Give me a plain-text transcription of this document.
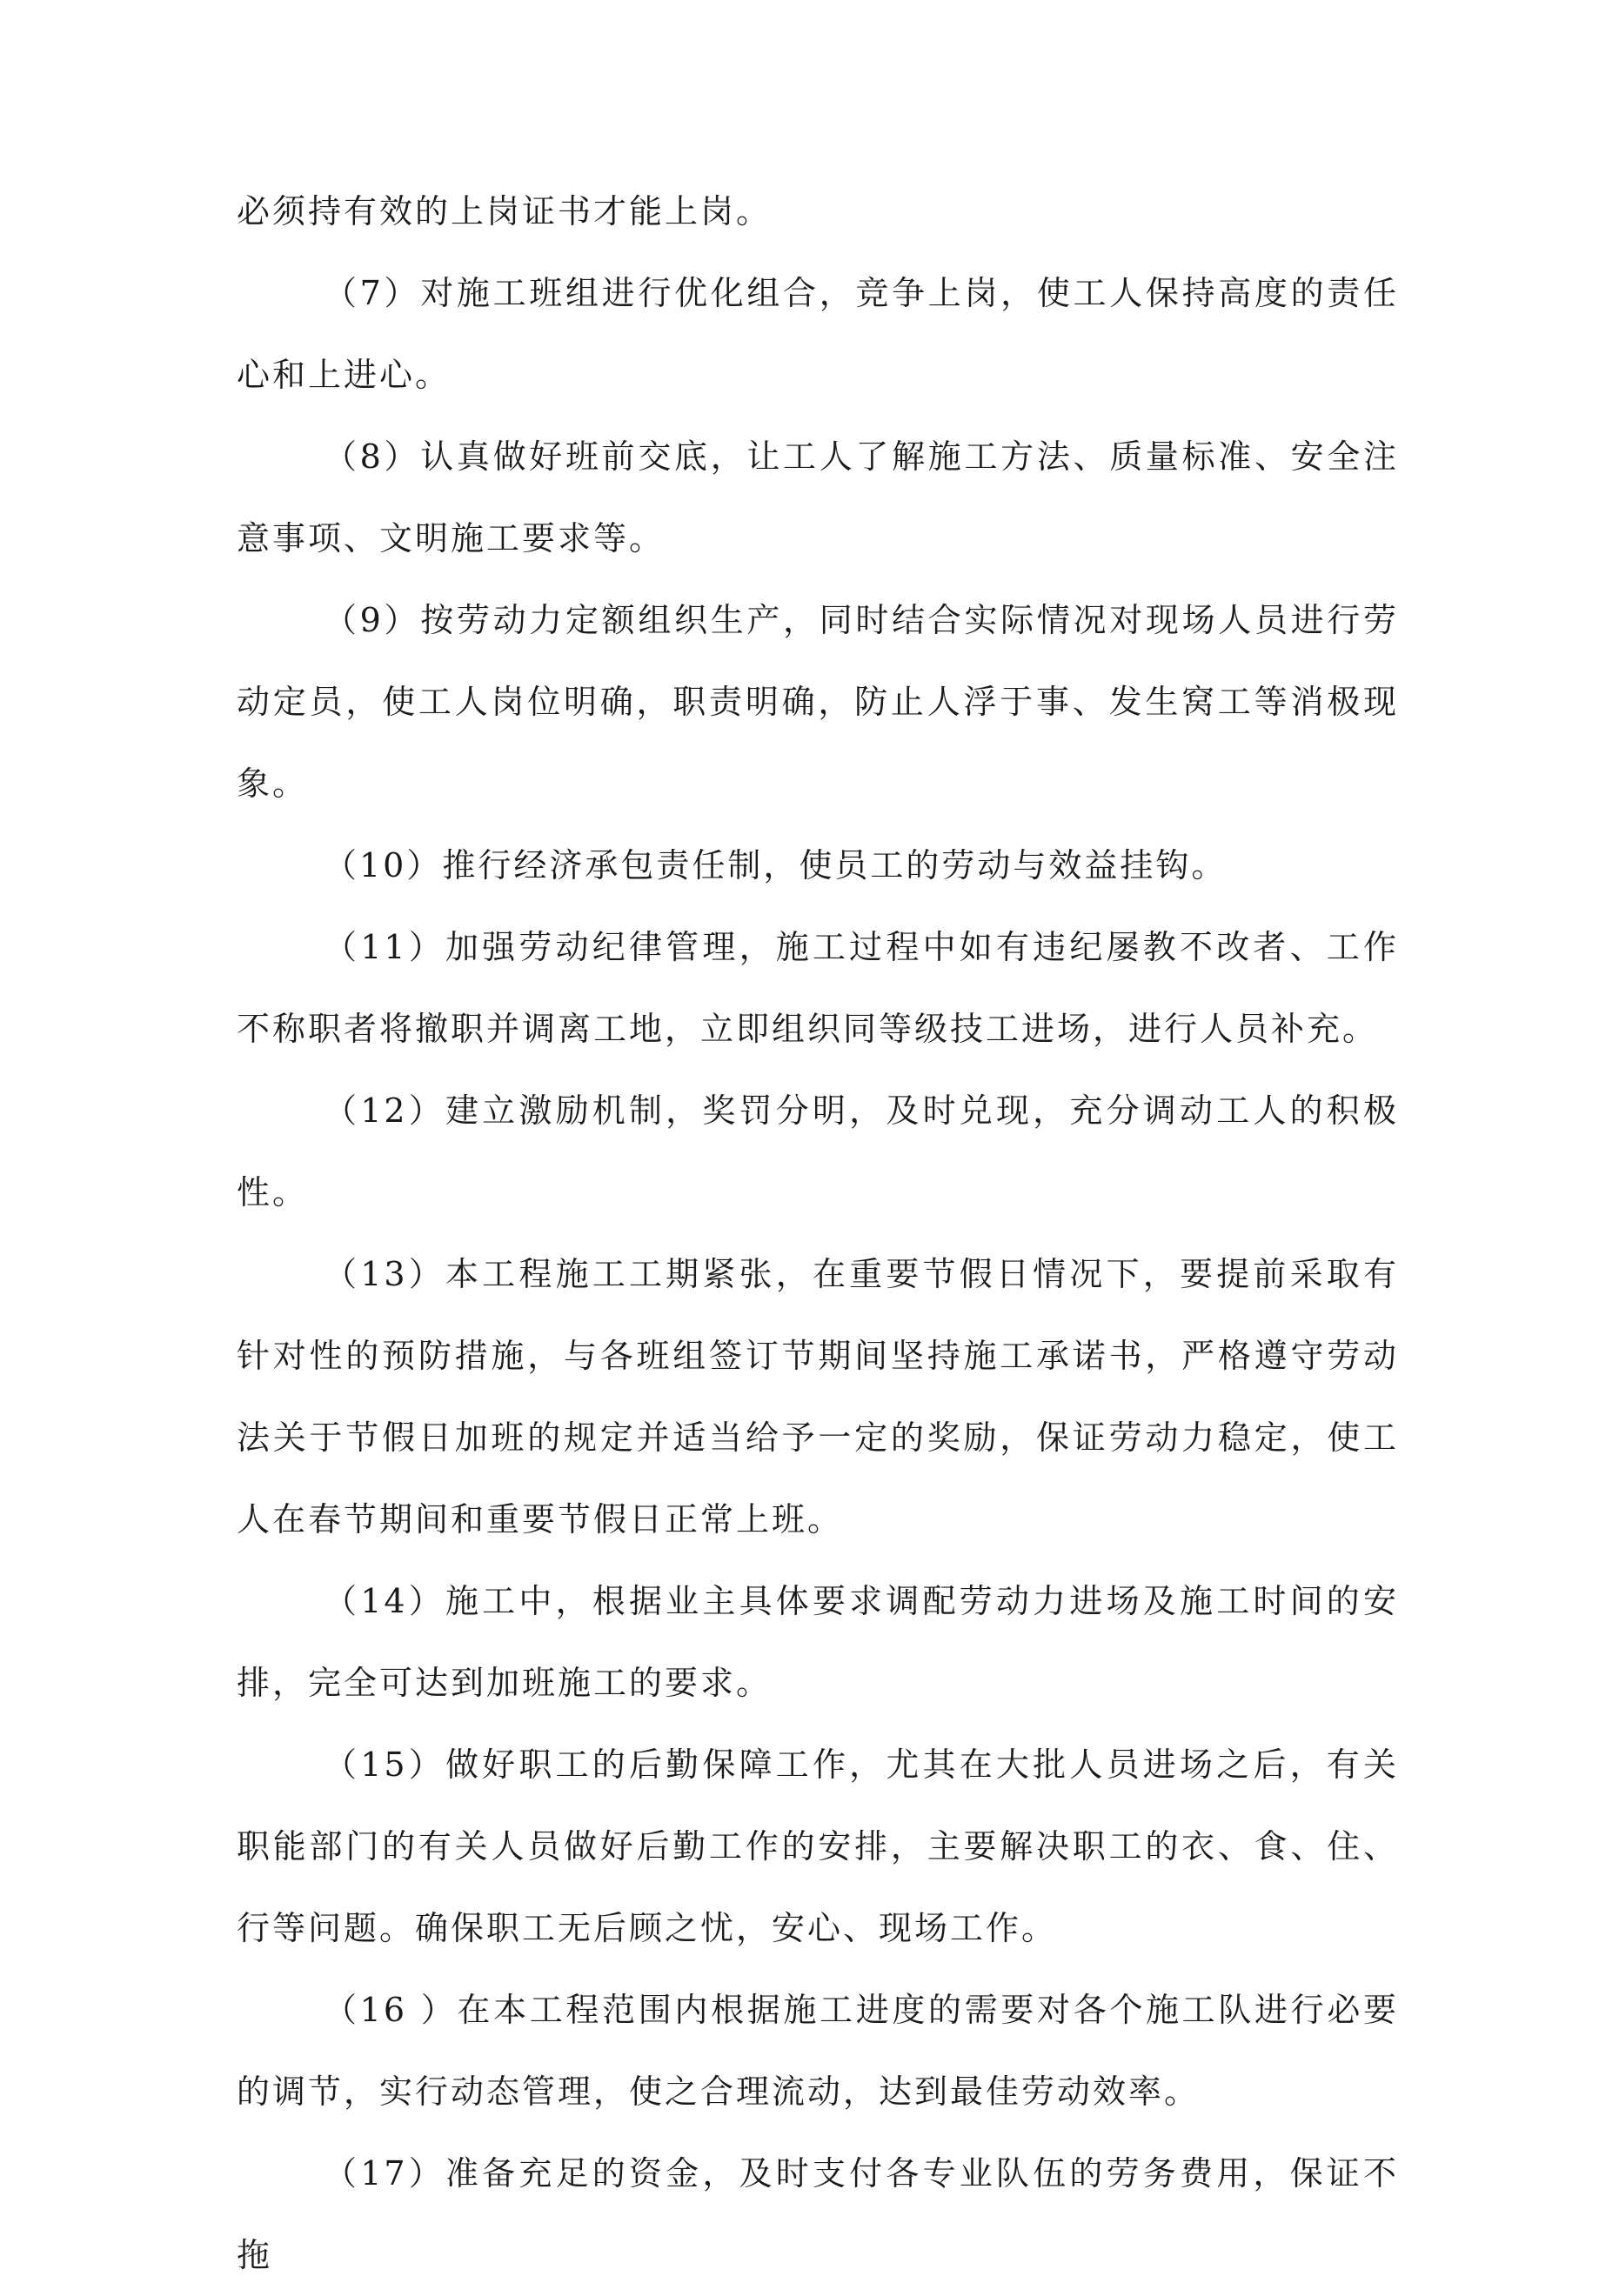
必须持有效的上岗证书才能上岗。

（7）对施工班组进行优化组合，竞争上岗，使工人保持高度的责任心和上进心。

（8）认真做好班前交底，让工人了解施工方法、质量标准、安全注意事项、文明施工要求等。

（9）按劳动力定额组织生产，同时结合实际情况对现场人员进行劳动定员，使工人岗位明确，职责明确，防止人浮于事、发生窝工等消极现象。

（10）推行经济承包责任制，使员工的劳动与效益挂钩。

（11）加强劳动纪律管理，施工过程中如有违纪屡教不改者、工作不称职者将撤职并调离工地，立即组织同等级技工进场，进行人员补充。

（12）建立激励机制，奖罚分明，及时兑现，充分调动工人的积极性。

（13）本工程施工工期紧张，在重要节假日情况下，要提前采取有针对性的预防措施，与各班组签订节期间坚持施工承诺书，严格遵守劳动法关于节假日加班的规定并适当给予一定的奖励，保证劳动力稳定，使工人在春节期间和重要节假日正常上班。

（14）施工中，根据业主具体要求调配劳动力进场及施工时间的安排，完全可达到加班施工的要求。

（15）做好职工的后勤保障工作，尤其在大批人员进场之后，有关职能部门的有关人员做好后勤工作的安排，主要解决职工的衣、食、住、行等问题。确保职工无后顾之忧，安心、现场工作。

（16 ）在本工程范围内根据施工进度的需要对各个施工队进行必要的调节，实行动态管理，使之合理流动，达到最佳劳动效率。

（17）准备充足的资金，及时支付各专业队伍的劳务费用，保证不拖
